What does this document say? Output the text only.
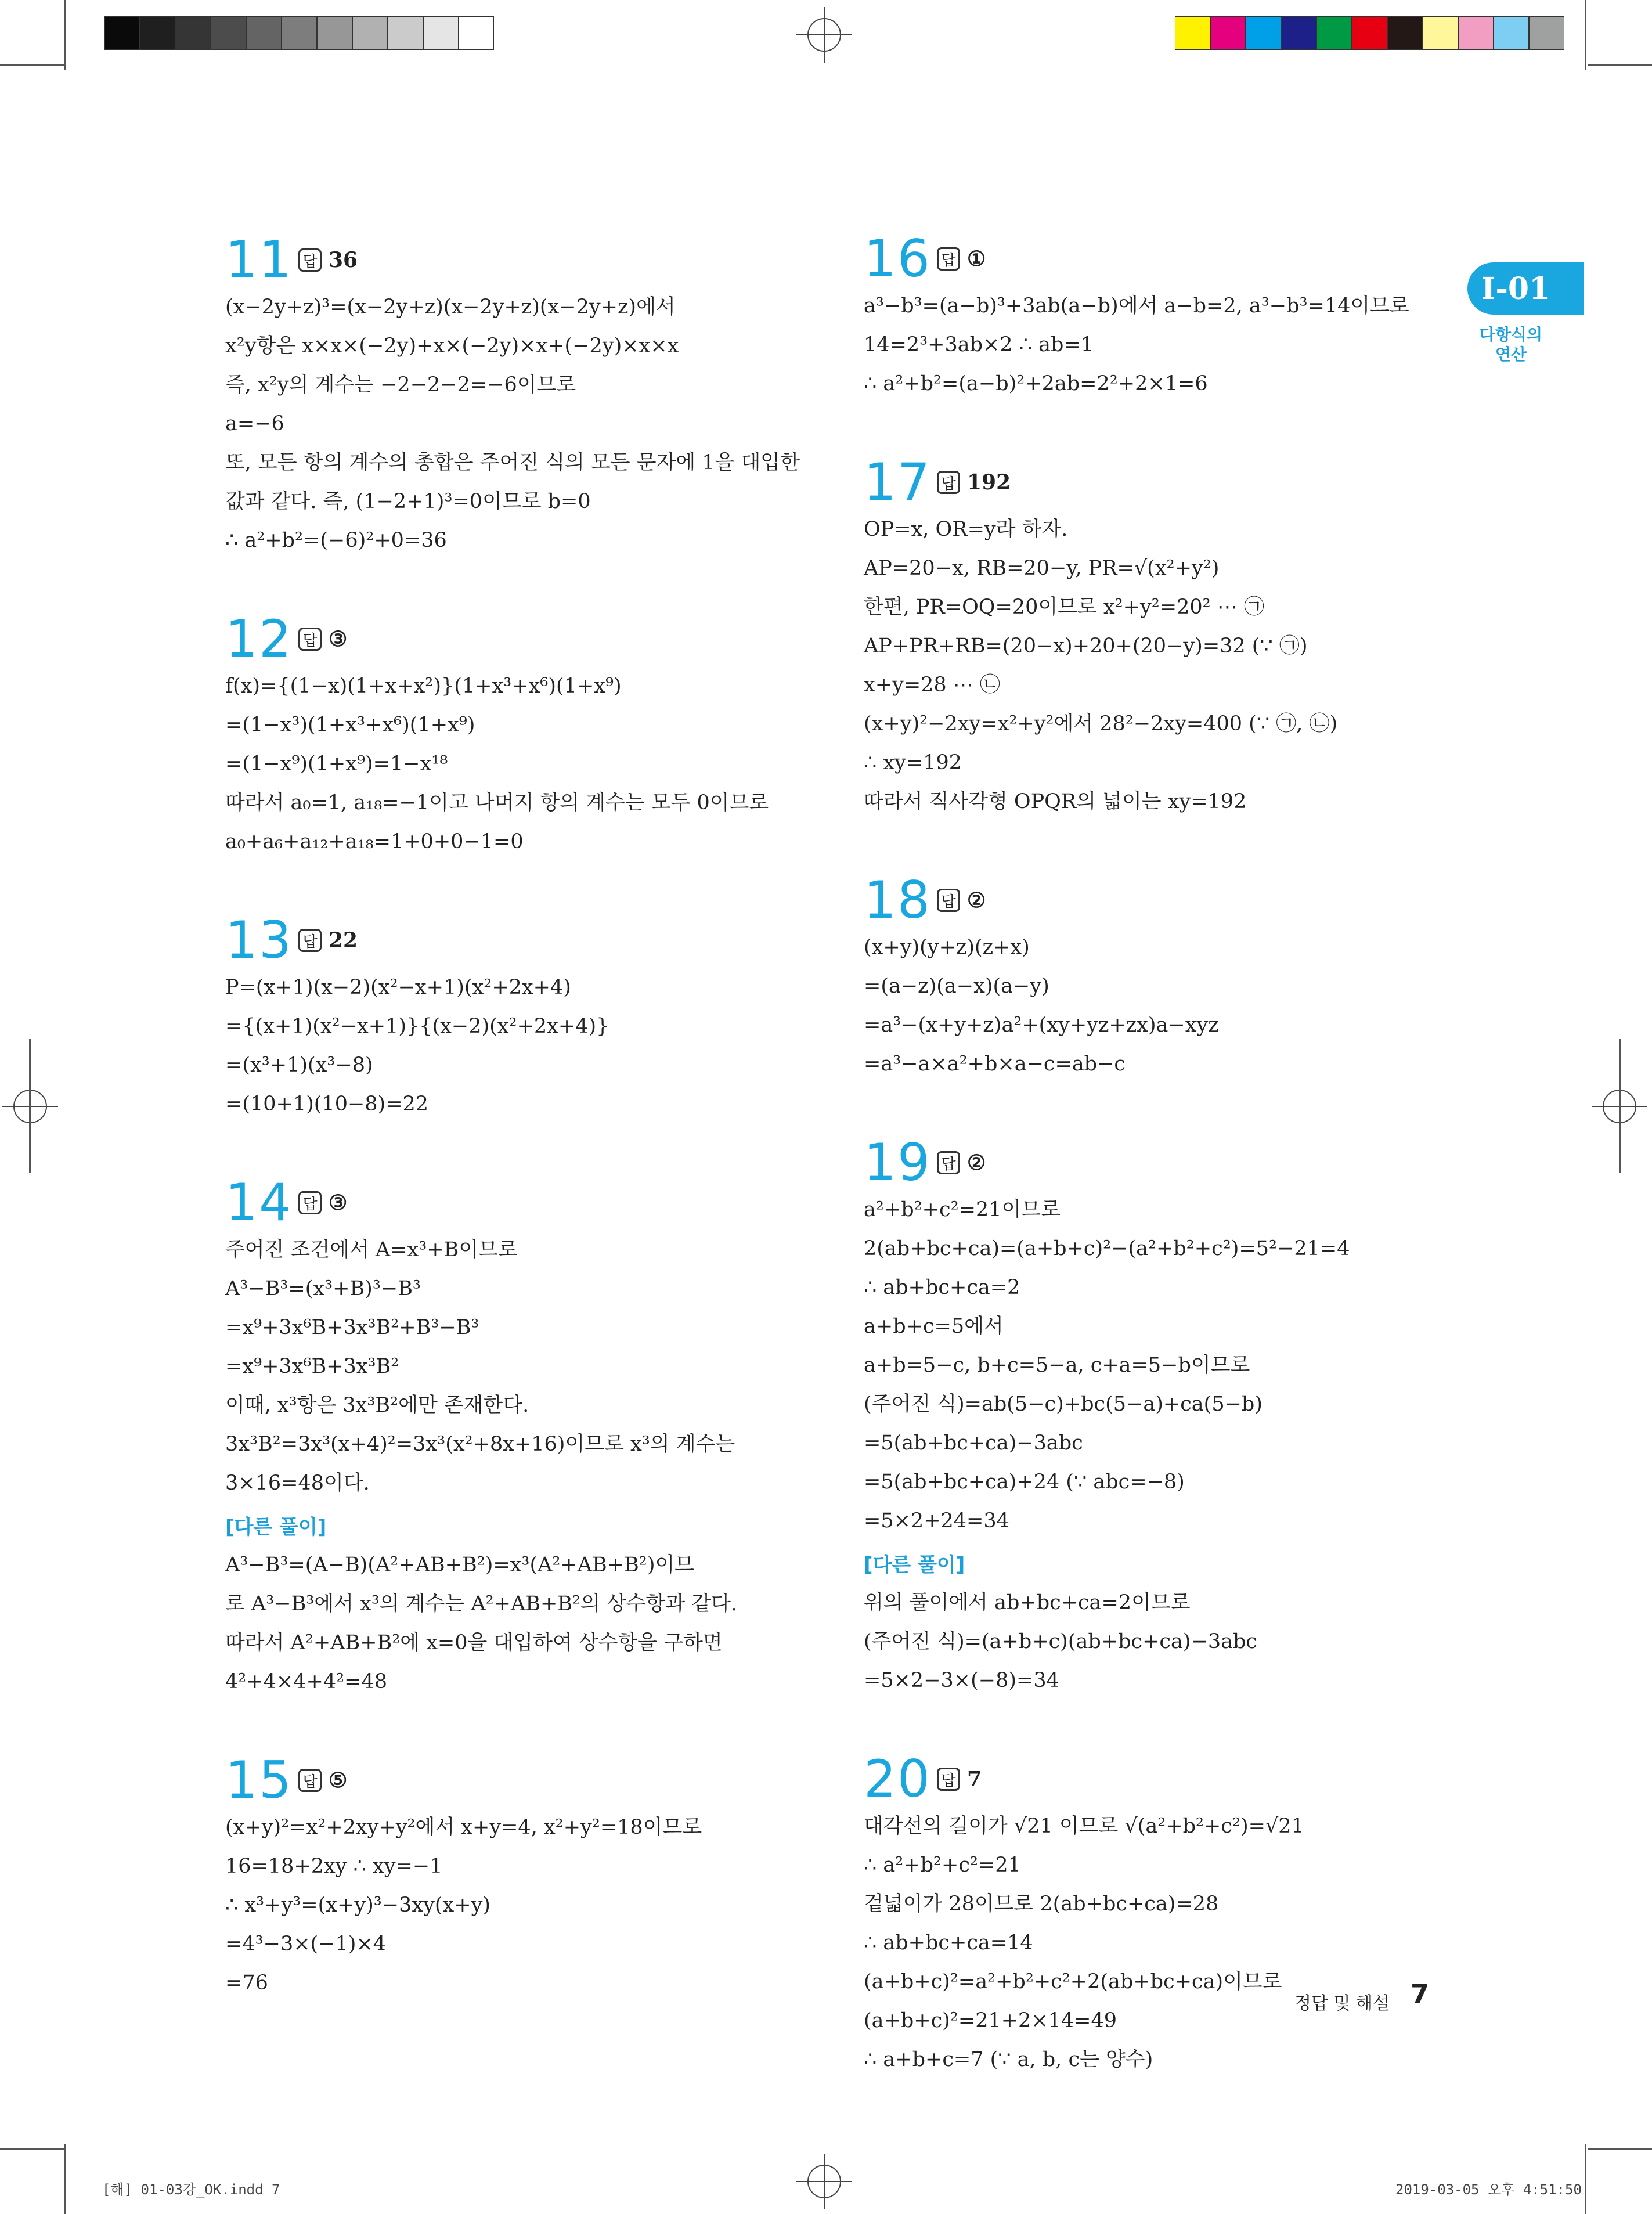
Ⅰ-01
다항식의
연산
11 답 36
(x−2y+z)³=(x−2y+z)(x−2y+z)(x−2y+z)에서
x²y항은 x×x×(−2y)+x×(−2y)×x+(−2y)×x×x
즉, x²y의 계수는 −2−2−2=−6이므로
a=−6
또, 모든 항의 계수의 총합은 주어진 식의 모든 문자에 1을 대입한
값과 같다. 즉, (1−2+1)³=0이므로 b=0
∴ a²+b²=(−6)²+0=36
12 답 ③
f(x)={(1−x)(1+x+x²)}(1+x³+x⁶)(1+x⁹)
=(1−x³)(1+x³+x⁶)(1+x⁹)
=(1−x⁹)(1+x⁹)=1−x¹⁸
따라서 a₀=1, a₁₈=−1이고 나머지 항의 계수는 모두 0이므로
a₀+a₆+a₁₂+a₁₈=1+0+0−1=0
13 답 22
P=(x+1)(x−2)(x²−x+1)(x²+2x+4)
={(x+1)(x²−x+1)}{(x−2)(x²+2x+4)}
=(x³+1)(x³−8)
=(10+1)(10−8)=22
14 답 ③
주어진 조건에서 A=x³+B이므로
A³−B³=(x³+B)³−B³
=x⁹+3x⁶B+3x³B²+B³−B³
=x⁹+3x⁶B+3x³B²
이때, x³항은 3x³B²에만 존재한다.
3x³B²=3x³(x+4)²=3x³(x²+8x+16)이므로 x³의 계수는
3×16=48이다.
[다른 풀이]
A³−B³=(A−B)(A²+AB+B²)=x³(A²+AB+B²)이므
로 A³−B³에서 x³의 계수는 A²+AB+B²의 상수항과 같다.
따라서 A²+AB+B²에 x=0을 대입하여 상수항을 구하면
4²+4×4+4²=48
15 답 ⑤
(x+y)²=x²+2xy+y²에서 x+y=4, x²+y²=18이므로
16=18+2xy ∴ xy=−1
∴ x³+y³=(x+y)³−3xy(x+y)
=4³−3×(−1)×4
=76
16 답 ①
a³−b³=(a−b)³+3ab(a−b)에서 a−b=2, a³−b³=14이므로
14=2³+3ab×2 ∴ ab=1
∴ a²+b²=(a−b)²+2ab=2²+2×1=6
17 답 192
OP=x, OR=y라 하자.
AP=20−x, RB=20−y, PR=√(x²+y²)
한편, PR=OQ=20이므로 x²+y²=20² ⋯ ㉠
AP+PR+RB=(20−x)+20+(20−y)=32 (∵ ㉠)
x+y=28 ⋯ ㉡
(x+y)²−2xy=x²+y²에서 28²−2xy=400 (∵ ㉠, ㉡)
∴ xy=192
따라서 직사각형 OPQR의 넓이는 xy=192
18 답 ②
(x+y)(y+z)(z+x)
=(a−z)(a−x)(a−y)
=a³−(x+y+z)a²+(xy+yz+zx)a−xyz
=a³−a×a²+b×a−c=ab−c
19 답 ②
a²+b²+c²=21이므로
2(ab+bc+ca)=(a+b+c)²−(a²+b²+c²)=5²−21=4
∴ ab+bc+ca=2
a+b+c=5에서
a+b=5−c, b+c=5−a, c+a=5−b이므로
(주어진 식)=ab(5−c)+bc(5−a)+ca(5−b)
=5(ab+bc+ca)−3abc
=5(ab+bc+ca)+24 (∵ abc=−8)
=5×2+24=34
[다른 풀이]
위의 풀이에서 ab+bc+ca=2이므로
(주어진 식)=(a+b+c)(ab+bc+ca)−3abc
=5×2−3×(−8)=34
20 답 7
대각선의 길이가 √21 이므로 √(a²+b²+c²)=√21
∴ a²+b²+c²=21
겉넓이가 28이므로 2(ab+bc+ca)=28
∴ ab+bc+ca=14
(a+b+c)²=a²+b²+c²+2(ab+bc+ca)이므로
(a+b+c)²=21+2×14=49
∴ a+b+c=7 (∵ a, b, c는 양수)
정답 및 해설 7
[해] 01-03강_OK.indd 7	2019-03-05 오후 4:51:50
